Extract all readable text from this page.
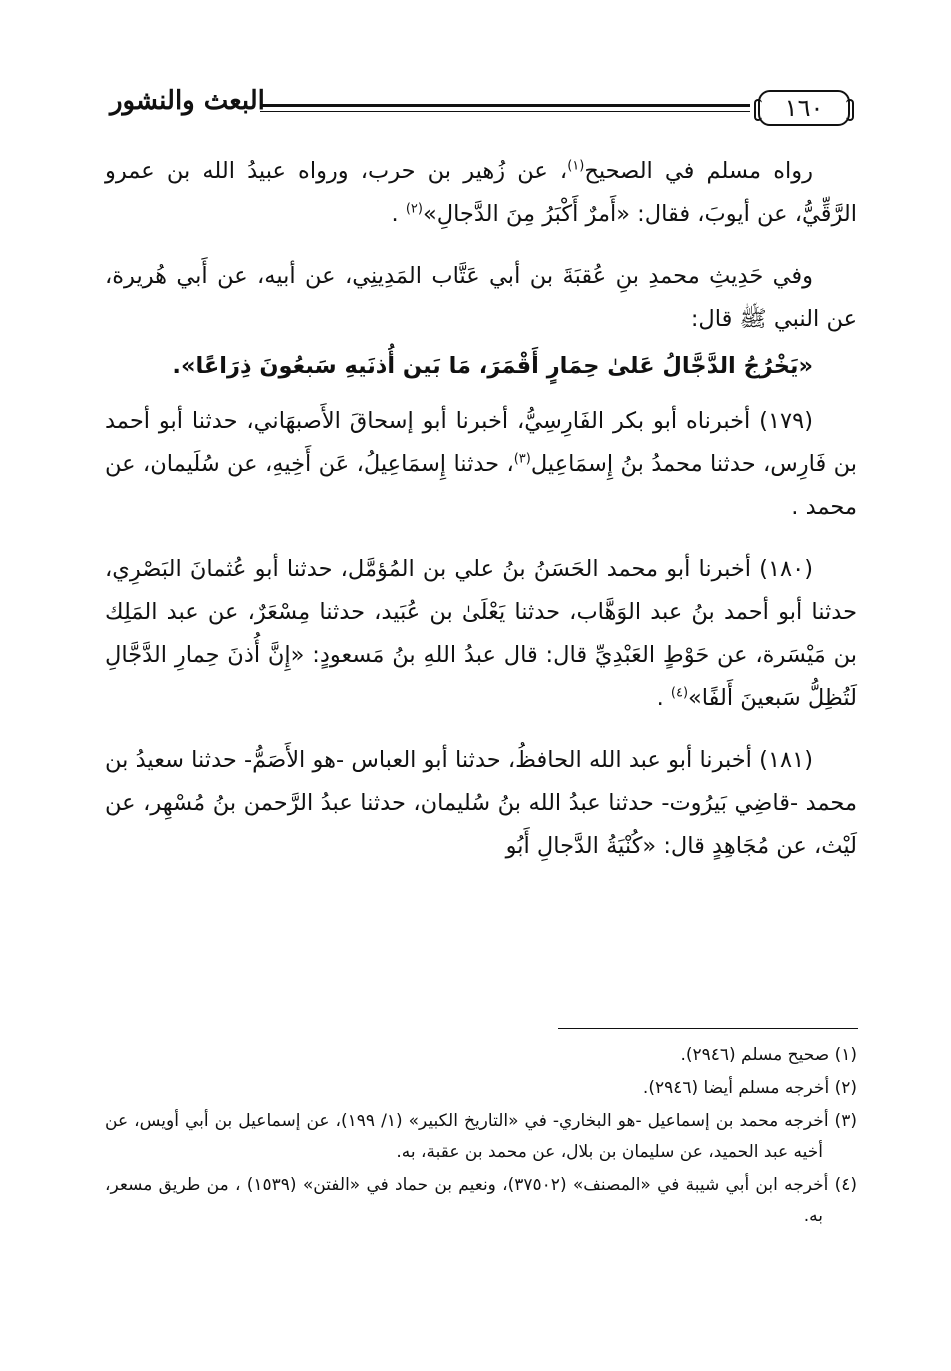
١٦٠
البعث والنشور

رواه مسلم في الصحيح$^{(١)}$، عن زُهير بن حرب، ورواه عبيدُ الله بن عمرو الرَّقِّيُّ، عن أيوبَ، فقال: «أَمرٌ أَكْبَرُ مِنَ الدَّجالِ»$^{(٢)}$ .

وفي حَدِيثِ محمدِ بنِ عُقبَةَ بن أبي عَتَّاب المَدِينِي، عن أبيه، عن أَبي هُريرة، عن النبي ﷺ قال:

«يَخْرُجُ الدَّجَّالُ عَلىٰ حِمَارٍ أَقْمَرَ، مَا بَين أُذنَيهِ سَبعُونَ ذِرَاعًا».

(١٧٩) أخبرناه أبو بكر الفَارِسِيُّ، أخبرنا أبو إسحاقَ الأَصبهَاني، حدثنا أبو أحمد بن فَارِس، حدثنا محمدُ بنُ إِسمَاعِيل$^{(٣)}$، حدثنا إِسمَاعِيلُ، عَن أَخِيهِ، عن سُلَيمان، عن محمد .

(١٨٠) أخبرنا أبو محمد الحَسَنُ بنُ علي بن المُؤمَّل، حدثنا أبو عُثمانَ البَصْرِي، حدثنا أبو أحمد بنُ عبد الوَهَّاب، حدثنا يَعْلَىٰ بن عُبَيد، حدثنا مِسْعَرٌ، عن عبد المَلِك بن مَيْسَرة، عن حَوْطٍ العَبْدِيِّ قال: قال عبدُ اللهِ بنُ مَسعودٍ: «إِنَّ أُذنَ حِمارِ الدَّجَّالِ لَتُظِلُّ سَبعينَ أَلفًا»$^{(٤)}$ .

(١٨١) أخبرنا أبو عبد الله الحافظُ، حدثنا أبو العباس -هو الأَصَمُّ- حدثنا سعيدُ بن محمد -قاضِي بَيرُوت- حدثنا عبدُ الله بنُ سُليمان، حدثنا عبدُ الرَّحمن بنُ مُسْهِر، عن لَيْث، عن مُجَاهِدٍ قال: «كُنْيَةُ الدَّجالِ أَبُو

(١) صحيح مسلم (٢٩٤٦).

(٢) أخرجه مسلم أيضا (٢٩٤٦).

(٣) أخرجه محمد بن إسماعيل -هو البخاري- في «التاريخ الكبير» (١/ ١٩٩)، عن إسماعيل بن أبي أويس، عن أخيه عبد الحميد، عن سليمان بن بلال، عن محمد بن عقبة، به.

(٤) أخرجه ابن أبي شيبة في «المصنف» (٣٧٥٠٢)، ونعيم بن حماد في «الفتن» (١٥٣٩) ، من طريق مسعر، به.
